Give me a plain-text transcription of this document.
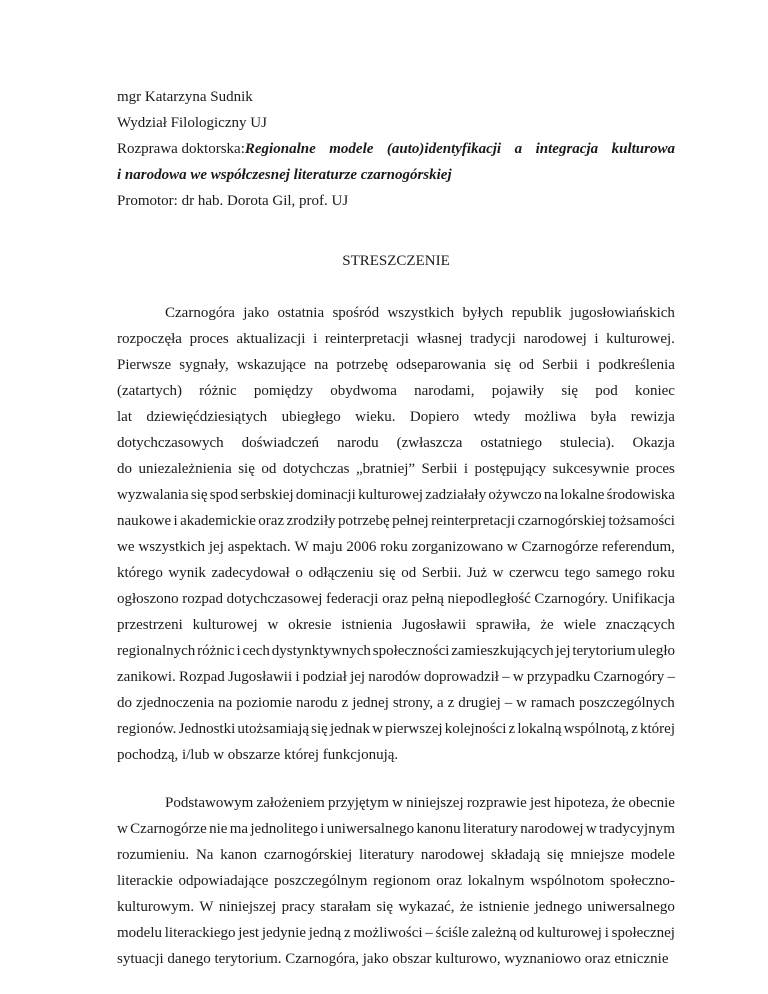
mgr Katarzyna Sudnik
Wydział Filologiczny UJ
Rozprawa doktorska: Regionalne modele (auto)identyfikacji a integracja kulturowa
i narodowa we współczesnej literaturze czarnogórskiej
Promotor: dr hab. Dorota Gil, prof. UJ
STRESZCZENIE
Czarnogóra jako ostatnia spośród wszystkich byłych republik jugosłowiańskich
rozpoczęła proces aktualizacji i reinterpretacji własnej tradycji narodowej i kulturowej.
Pierwsze sygnały, wskazujące na potrzebę odseparowania się od Serbii i podkreślenia
(zatartych) różnic pomiędzy obydwoma narodami, pojawiły się pod koniec
lat dziewięćdziesiątych ubiegłego wieku. Dopiero wtedy możliwa była rewizja
dotychczasowych doświadczeń narodu (zwłaszcza ostatniego stulecia). Okazja
do uniezależnienia się od dotychczas „bratniej” Serbii i postępujący sukcesywnie proces
wyzwalania się spod serbskiej dominacji kulturowej zadziałały ożywczo na lokalne środowiska
naukowe i akademickie oraz zrodziły potrzebę pełnej reinterpretacji czarnogórskiej tożsamości
we wszystkich jej aspektach. W maju 2006 roku zorganizowano w Czarnogórze referendum,
którego wynik zadecydował o odłączeniu się od Serbii. Już w czerwcu tego samego roku
ogłoszono rozpad dotychczasowej federacji oraz pełną niepodległość Czarnogóry. Unifikacja
przestrzeni kulturowej w okresie istnienia Jugosławii sprawiła, że wiele znaczących
regionalnych różnic i cech dystynktywnych społeczności zamieszkujących jej terytorium uległo
zanikowi. Rozpad Jugosławii i podział jej narodów doprowadził – w przypadku Czarnogóry –
do zjednoczenia na poziomie narodu z jednej strony, a z drugiej – w ramach poszczególnych
regionów. Jednostki utożsamiają się jednak w pierwszej kolejności z lokalną wspólnotą, z której
pochodzą, i/lub w obszarze której funkcjonują.
Podstawowym założeniem przyjętym w niniejszej rozprawie jest hipoteza, że obecnie
w Czarnogórze nie ma jednolitego i uniwersalnego kanonu literatury narodowej w tradycyjnym
rozumieniu. Na kanon czarnogórskiej literatury narodowej składają się mniejsze modele
literackie odpowiadające poszczególnym regionom oraz lokalnym wspólnotom społeczno-
kulturowym. W niniejszej pracy starałam się wykazać, że istnienie jednego uniwersalnego
modelu literackiego jest jedynie jedną z możliwości – ściśle zależną od kulturowej i społecznej
sytuacji danego terytorium. Czarnogóra, jako obszar kulturowo, wyznaniowo oraz etnicznie
